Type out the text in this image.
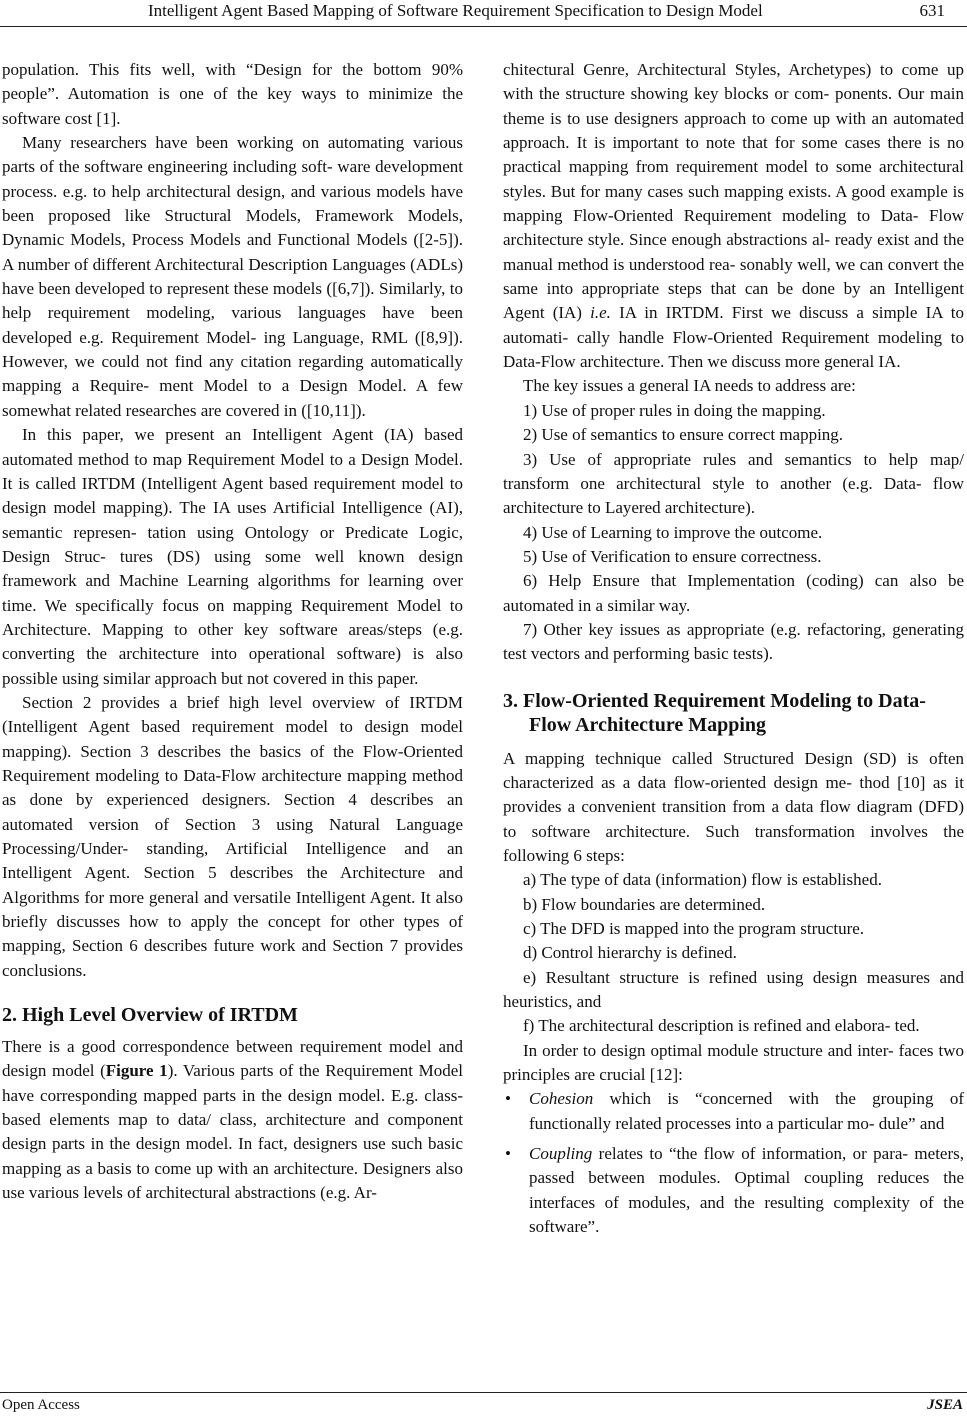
Intelligent Agent Based Mapping of Software Requirement Specification to Design Model	631

population. This fits well, with “Design for the bottom 90% people”. Automation is one of the key ways to minimize the software cost [1].

Many researchers have been working on automating various parts of the software engineering including soft- ware development process. e.g. to help architectural design, and various models have been proposed like Structural Models, Framework Models, Dynamic Models, Process Models and Functional Models ([2-5]). A number of different Architectural Description Languages (ADLs) have been developed to represent these models ([6,7]). Similarly, to help requirement modeling, various languages have been developed e.g. Requirement Model- ing Language, RML ([8,9]). However, we could not find any citation regarding automatically mapping a Require- ment Model to a Design Model. A few somewhat related researches are covered in ([10,11]).

In this paper, we present an Intelligent Agent (IA) based automated method to map Requirement Model to a Design Model. It is called IRTDM (Intelligent Agent based requirement model to design model mapping). The IA uses Artificial Intelligence (AI), semantic represen- tation using Ontology or Predicate Logic, Design Struc- tures (DS) using some well known design framework and Machine Learning algorithms for learning over time. We specifically focus on mapping Requirement Model to Architecture. Mapping to other key software areas/steps (e.g. converting the architecture into operational software) is also possible using similar approach but not covered in this paper.

Section 2 provides a brief high level overview of IRTDM (Intelligent Agent based requirement model to design model mapping). Section 3 describes the basics of the Flow-Oriented Requirement modeling to Data-Flow architecture mapping method as done by experienced designers. Section 4 describes an automated version of Section 3 using Natural Language Processing/Under- standing, Artificial Intelligence and an Intelligent Agent. Section 5 describes the Architecture and Algorithms for more general and versatile Intelligent Agent. It also briefly discusses how to apply the concept for other types of mapping, Section 6 describes future work and Section 7 provides conclusions.

2. High Level Overview of IRTDM

There is a good correspondence between requirement model and design model (Figure 1). Various parts of the Requirement Model have corresponding mapped parts in the design model. E.g. class-based elements map to data/ class, architecture and component design parts in the design model. In fact, designers use such basic mapping as a basis to come up with an architecture. Designers also use various levels of architectural abstractions (e.g. Ar-

chitectural Genre, Architectural Styles, Archetypes) to come up with the structure showing key blocks or com- ponents. Our main theme is to use designers approach to come up with an automated approach. It is important to note that for some cases there is no practical mapping from requirement model to some architectural styles. But for many cases such mapping exists. A good example is mapping Flow-Oriented Requirement modeling to Data- Flow architecture style. Since enough abstractions al- ready exist and the manual method is understood rea- sonably well, we can convert the same into appropriate steps that can be done by an Intelligent Agent (IA) i.e. IA in IRTDM. First we discuss a simple IA to automati- cally handle Flow-Oriented Requirement modeling to Data-Flow architecture. Then we discuss more general IA.

The key issues a general IA needs to address are:

1) Use of proper rules in doing the mapping.

2) Use of semantics to ensure correct mapping.

3) Use of appropriate rules and semantics to help map/ transform one architectural style to another (e.g. Data- flow architecture to Layered architecture).

4) Use of Learning to improve the outcome.

5) Use of Verification to ensure correctness.

6) Help Ensure that Implementation (coding) can also be automated in a similar way.

7) Other key issues as appropriate (e.g. refactoring, generating test vectors and performing basic tests).

3. Flow-Oriented Requirement Modeling to Data-Flow Architecture Mapping

A mapping technique called Structured Design (SD) is often characterized as a data flow-oriented design me- thod [10] as it provides a convenient transition from a data flow diagram (DFD) to software architecture. Such transformation involves the following 6 steps:

a) The type of data (information) flow is established.

b) Flow boundaries are determined.

c) The DFD is mapped into the program structure.

d) Control hierarchy is defined.

e) Resultant structure is refined using design measures and heuristics, and

f) The architectural description is refined and elabora- ted.

In order to design optimal module structure and inter- faces two principles are crucial [12]:

• Cohesion which is “concerned with the grouping of functionally related processes into a particular mo- dule” and
• Coupling relates to “the flow of information, or para- meters, passed between modules. Optimal coupling reduces the interfaces of modules, and the resulting complexity of the software”.
Open Access	JSEA
